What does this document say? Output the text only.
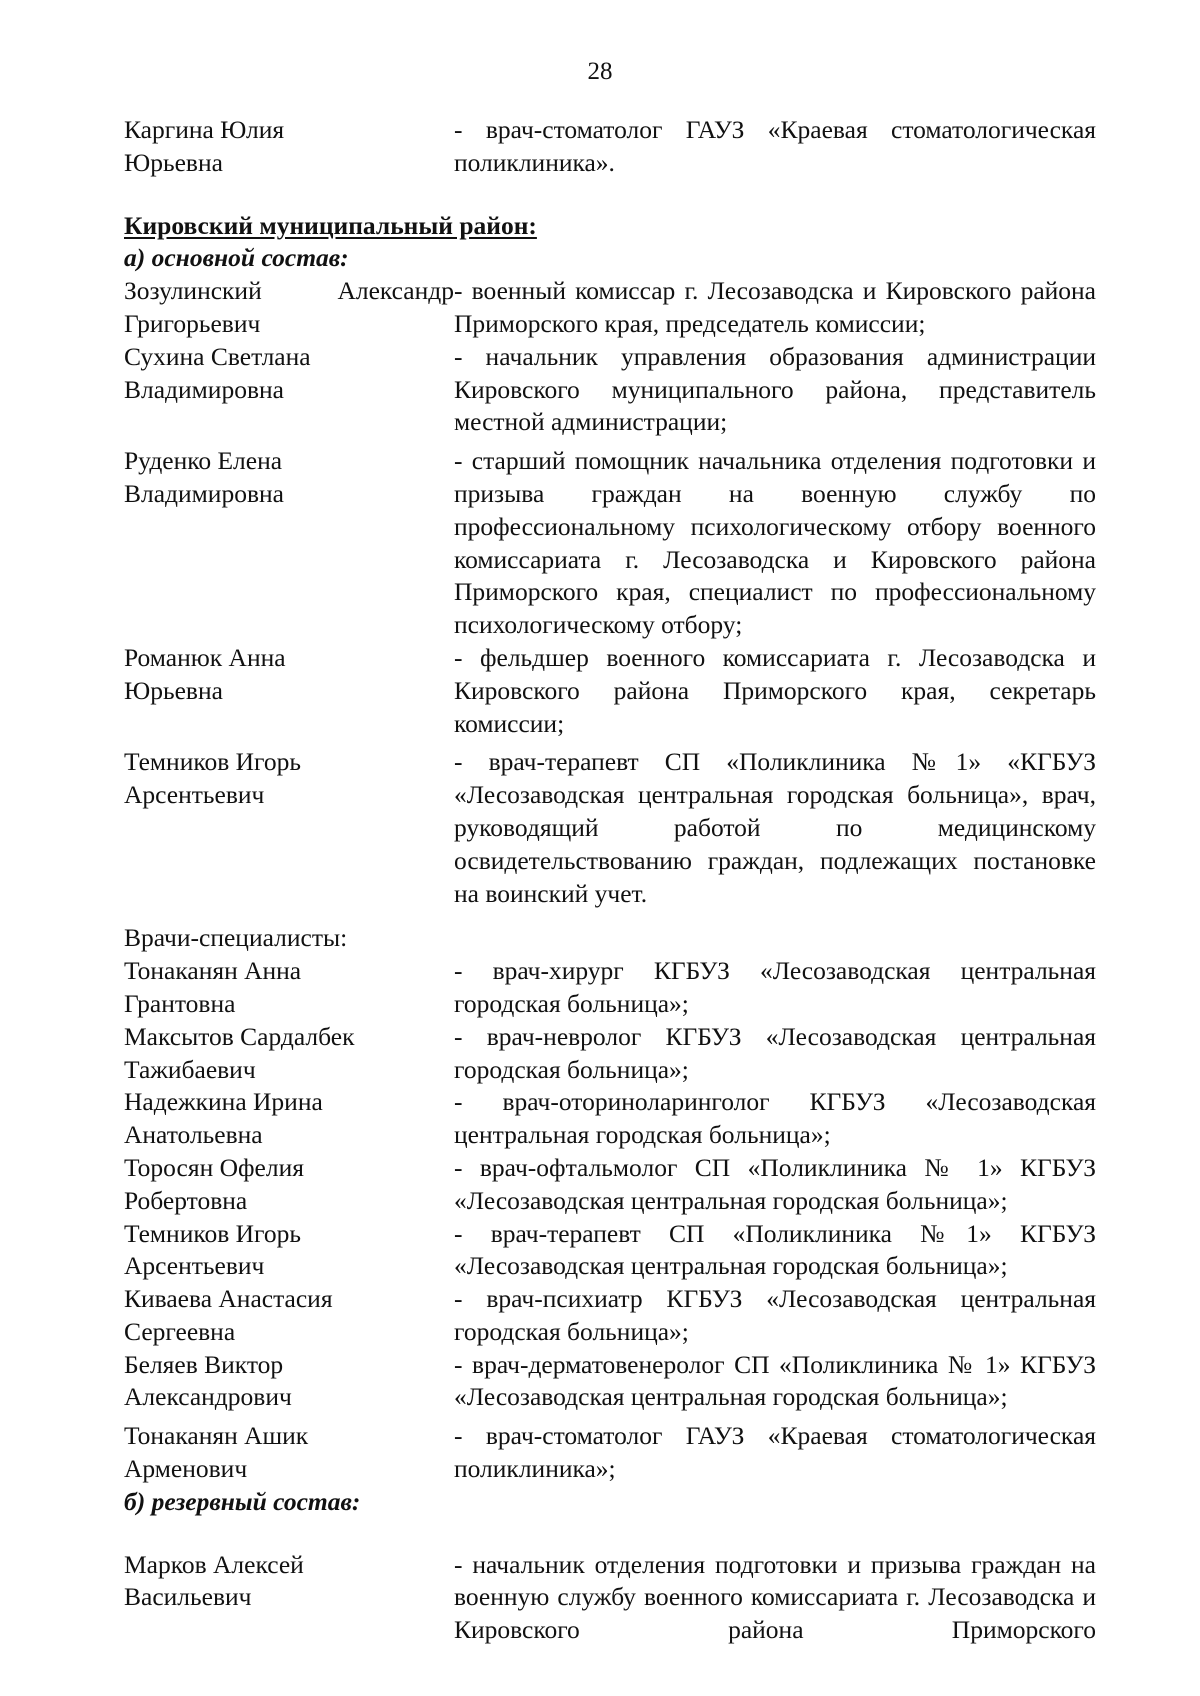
28
Каргина Юлия
Юрьевна
- врач-стоматолог ГАУЗ «Краевая стоматологическая поликлиника».
Кировский муниципальный район:
а) основной состав:
Зозулинский Александр
Григорьевич
- военный комиссар г. Лесозаводска и Кировского района Приморского края, председатель комиссии;
Сухина Светлана
Владимировна
- начальник управления образования администрации Кировского муниципального района, представитель местной администрации;
Руденко Елена
Владимировна
- старший помощник начальника отделения подготовки и призыва граждан на военную службу по профессиональному психологическому отбору военного комиссариата г. Лесозаводска и Кировского района Приморского края, специалист по профессиональному психологическому отбору;
Романюк Анна
Юрьевна
- фельдшер военного комиссариата г. Лесозаводска и Кировского района Приморского края, секретарь комиссии;
Темников Игорь
Арсентьевич
- врач-терапевт СП «Поликлиника №1» «КГБУЗ «Лесозаводская центральная городская больница», врач, руководящий работой по медицинскому освидетельствованию граждан, подлежащих постановке на воинский учет.
Врачи-специалисты:
Тонаканян Анна
Грантовна
- врач-хирург КГБУЗ «Лесозаводская центральная городская больница»;
Максытов Сардалбек
Тажибаевич
- врач-невролог КГБУЗ «Лесозаводская центральная городская больница»;
Надежкина Ирина
Анатольевна
- врач-оториноларинголог КГБУЗ «Лесозаводская центральная городская больница»;
Торосян Офелия
Робертовна
- врач-офтальмолог СП «Поликлиника № 1» КГБУЗ «Лесозаводская центральная городская больница»;
Темников Игорь
Арсентьевич
- врач-терапевт СП «Поликлиника №1» КГБУЗ «Лесозаводская центральная городская больница»;
Киваева Анастасия
Сергеевна
- врач-психиатр КГБУЗ «Лесозаводская центральная городская больница»;
Беляев Виктор
Александрович
- врач-дерматовенеролог СП «Поликлиника № 1» КГБУЗ «Лесозаводская центральная городская больница»;
Тонаканян Ашик
Арменович
- врач-стоматолог ГАУЗ «Краевая стоматологическая поликлиника»;
б) резервный состав:
Марков Алексей
Васильевич
- начальник отделения подготовки и призыва граждан на военную службу военного комиссариата г. Лесозаводска и Кировского района Приморского
